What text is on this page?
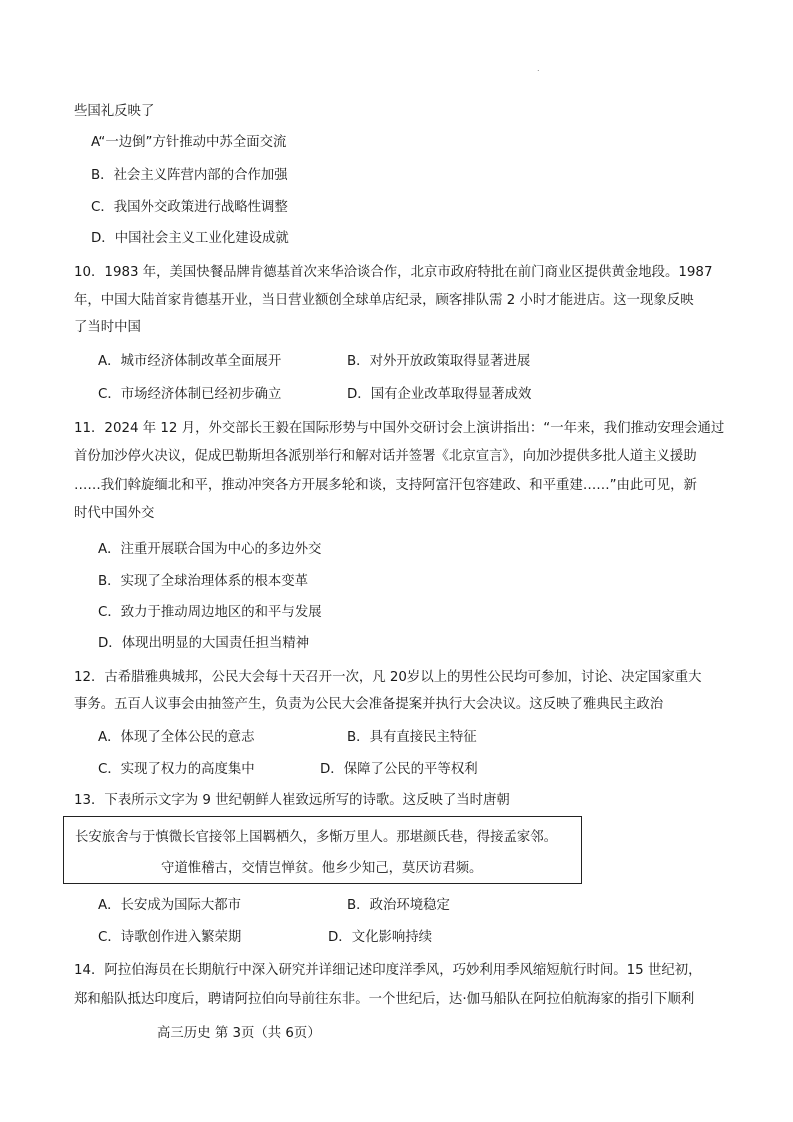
.
些国礼反映了
A“一边倒”方针推动中苏全面交流
B．社会主义阵营内部的合作加强
C．我国外交政策进行战略性调整
D．中国社会主义工业化建设成就
10．1983 年，美国快餐品牌肯德基首次来华洽谈合作，北京市政府特批在前门商业区提供黄金地段。1987
年，中国大陆首家肯德基开业，当日营业额创全球单店纪录，顾客排队需 2 小时才能进店。这一现象反映
了当时中国
A．城市经济体制改革全面展开	B．对外开放政策取得显著进展
C．市场经济体制已经初步确立	D．国有企业改革取得显著成效
11．2024 年 12 月，外交部长王毅在国际形势与中国外交研讨会上演讲指出：“一年来，我们推动安理会通过
首份加沙停火决议，促成巴勒斯坦各派别举行和解对话并签署《北京宣言》，向加沙提供多批人道主义援助
……我们斡旋缅北和平，推动冲突各方开展多轮和谈，支持阿富汗包容建政、和平重建……”由此可见，新
时代中国外交
A．注重开展联合国为中心的多边外交
B．实现了全球治理体系的根本变革
C．致力于推动周边地区的和平与发展
D．体现出明显的大国责任担当精神
12．古希腊雅典城邦，公民大会每十天召开一次，凡 20岁以上的男性公民均可参加，讨论、决定国家重大
事务。五百人议事会由抽签产生，负责为公民大会准备提案并执行大会决议。这反映了雅典民主政治
A．体现了全体公民的意志	B．具有直接民主特征
C．实现了权力的高度集中	D．保障了公民的平等权利
13．下表所示文字为 9 世纪朝鲜人崔致远所写的诗歌。这反映了当时唐朝
长安旅舍与于慎微长官接邻上国羁栖久，多惭万里人。那堪颜氏巷，得接孟家邻。
守道惟稽古，交情岂惮贫。他乡少知己，莫厌访君频。
A．长安成为国际大都市	B．政治环境稳定
C．诗歌创作进入繁荣期	D．文化影响持续
14．阿拉伯海员在长期航行中深入研究并详细记述印度洋季风，巧妙利用季风缩短航行时间。15 世纪初，
郑和船队抵达印度后，聘请阿拉伯向导前往东非。一个世纪后，达·伽马船队在阿拉伯航海家的指引下顺利
高三历史 第 3页（共 6页）
